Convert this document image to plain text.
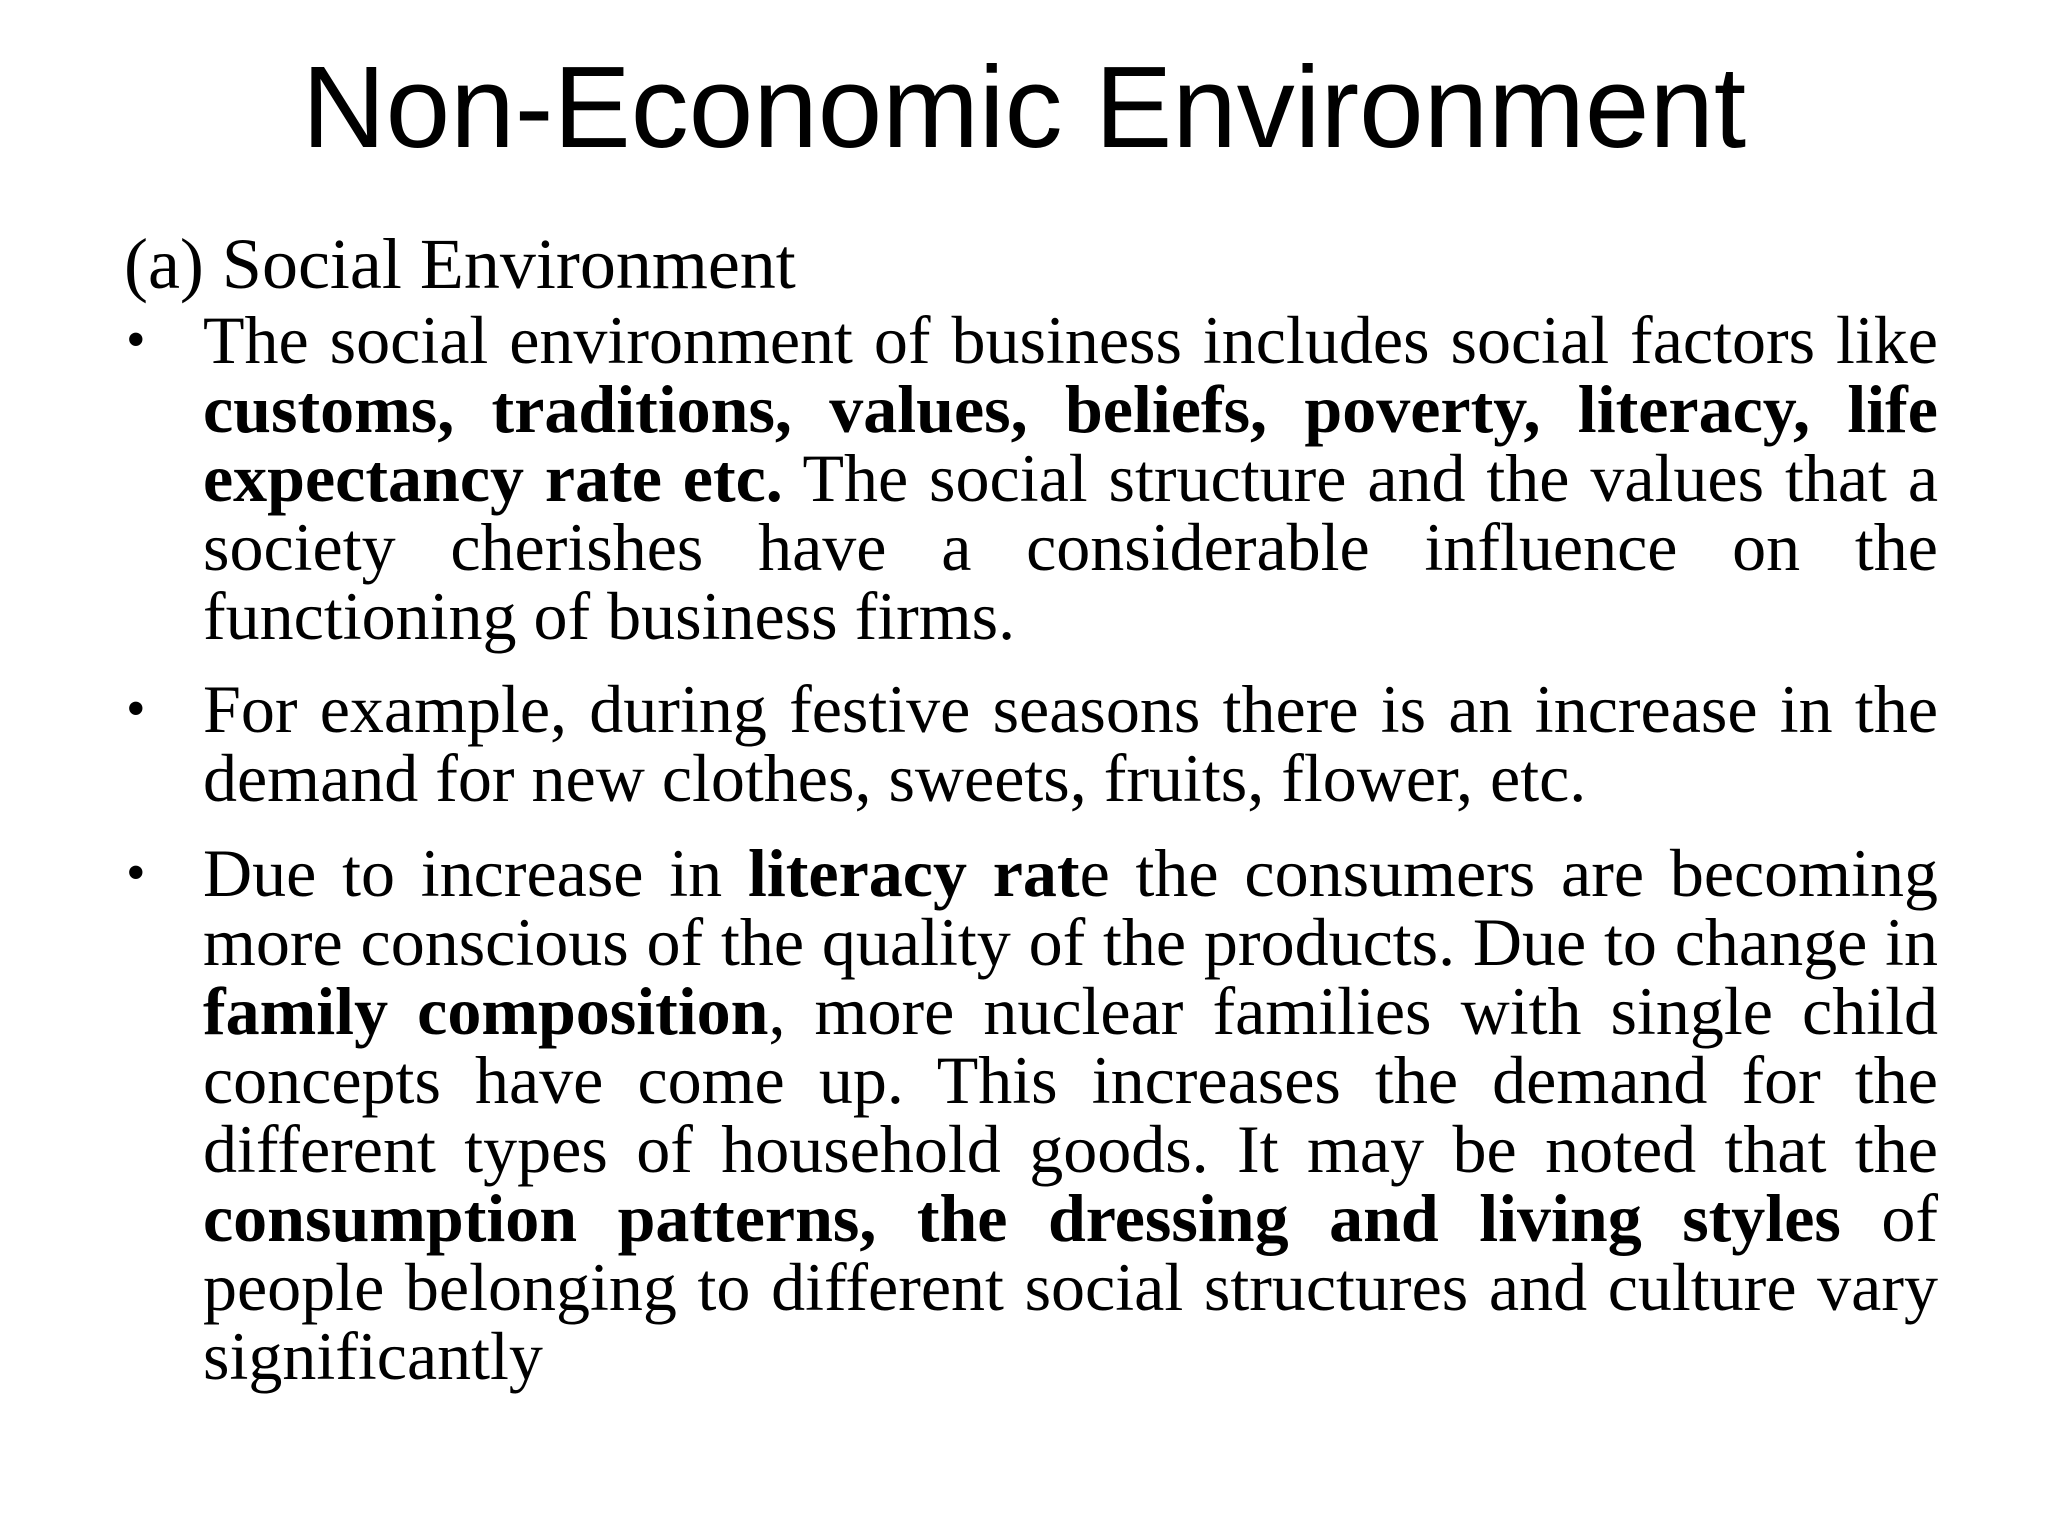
Non-Economic Environment

(a) Social Environment

• The social environment of business includes social factors like customs, traditions, values, beliefs, poverty, literacy, life expectancy rate etc. The social structure and the values that a society cherishes have a considerable influence on the functioning of business firms.
• For example, during festive seasons there is an increase in the demand for new clothes, sweets, fruits, flower, etc.
• Due to increase in literacy rate the consumers are becoming more conscious of the quality of the products. Due to change in family composition, more nuclear families with single child concepts have come up. This increases the demand for the different types of household goods. It may be noted that the consumption patterns, the dressing and living styles of people belonging to different social structures and culture vary significantly
